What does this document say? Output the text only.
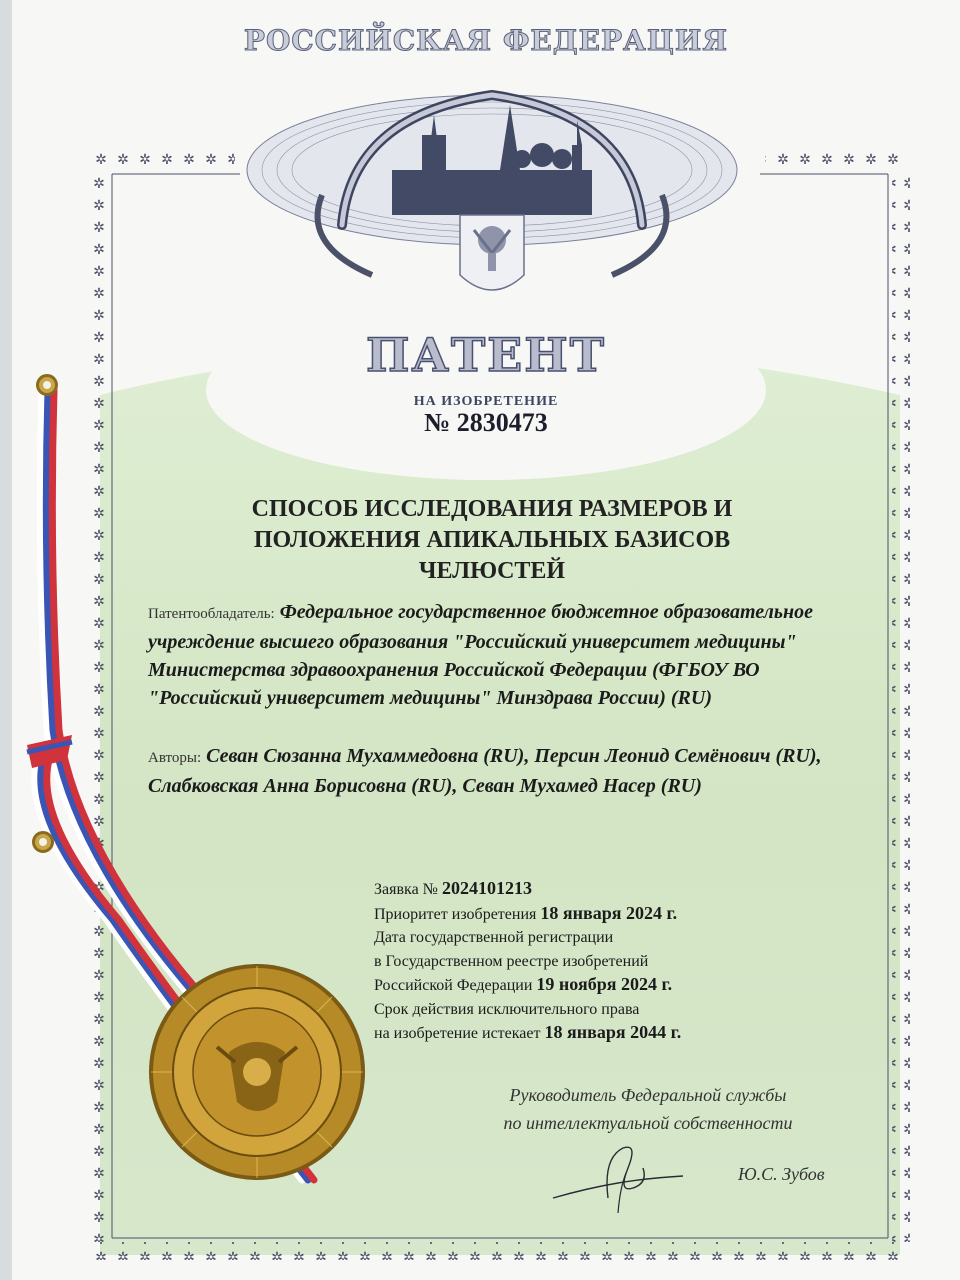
РОССИЙСКАЯ ФЕДЕРАЦИЯ
ПАТЕНТ
НА ИЗОБРЕТЕНИЕ
№ 2830473
СПОСОБ ИССЛЕДОВАНИЯ РАЗМЕРОВ И
ПОЛОЖЕНИЯ АПИКАЛЬНЫХ БАЗИСОВ
ЧЕЛЮСТЕЙ
Патентообладатель: Федеральное государственное бюджетное образовательное учреждение высшего образования "Российский университет медицины" Министерства здравоохранения Российской Федерации (ФГБОУ ВО "Российский университет медицины" Минздрава России) (RU)
Авторы: Севан Сюзанна Мухаммедовна (RU), Персин Леонид Семёнович (RU), Слабковская Анна Борисовна (RU), Севан Мухамед Насер (RU)
Заявка № 2024101213
Приоритет изобретения 18 января 2024 г.
Дата государственной регистрации
в Государственном реестре изобретений
Российской Федерации 19 ноября 2024 г.
Срок действия исключительного права
на изобретение истекает 18 января 2044 г.
Руководитель Федеральной службы
по интеллектуальной собственности
Ю.С. Зубов
